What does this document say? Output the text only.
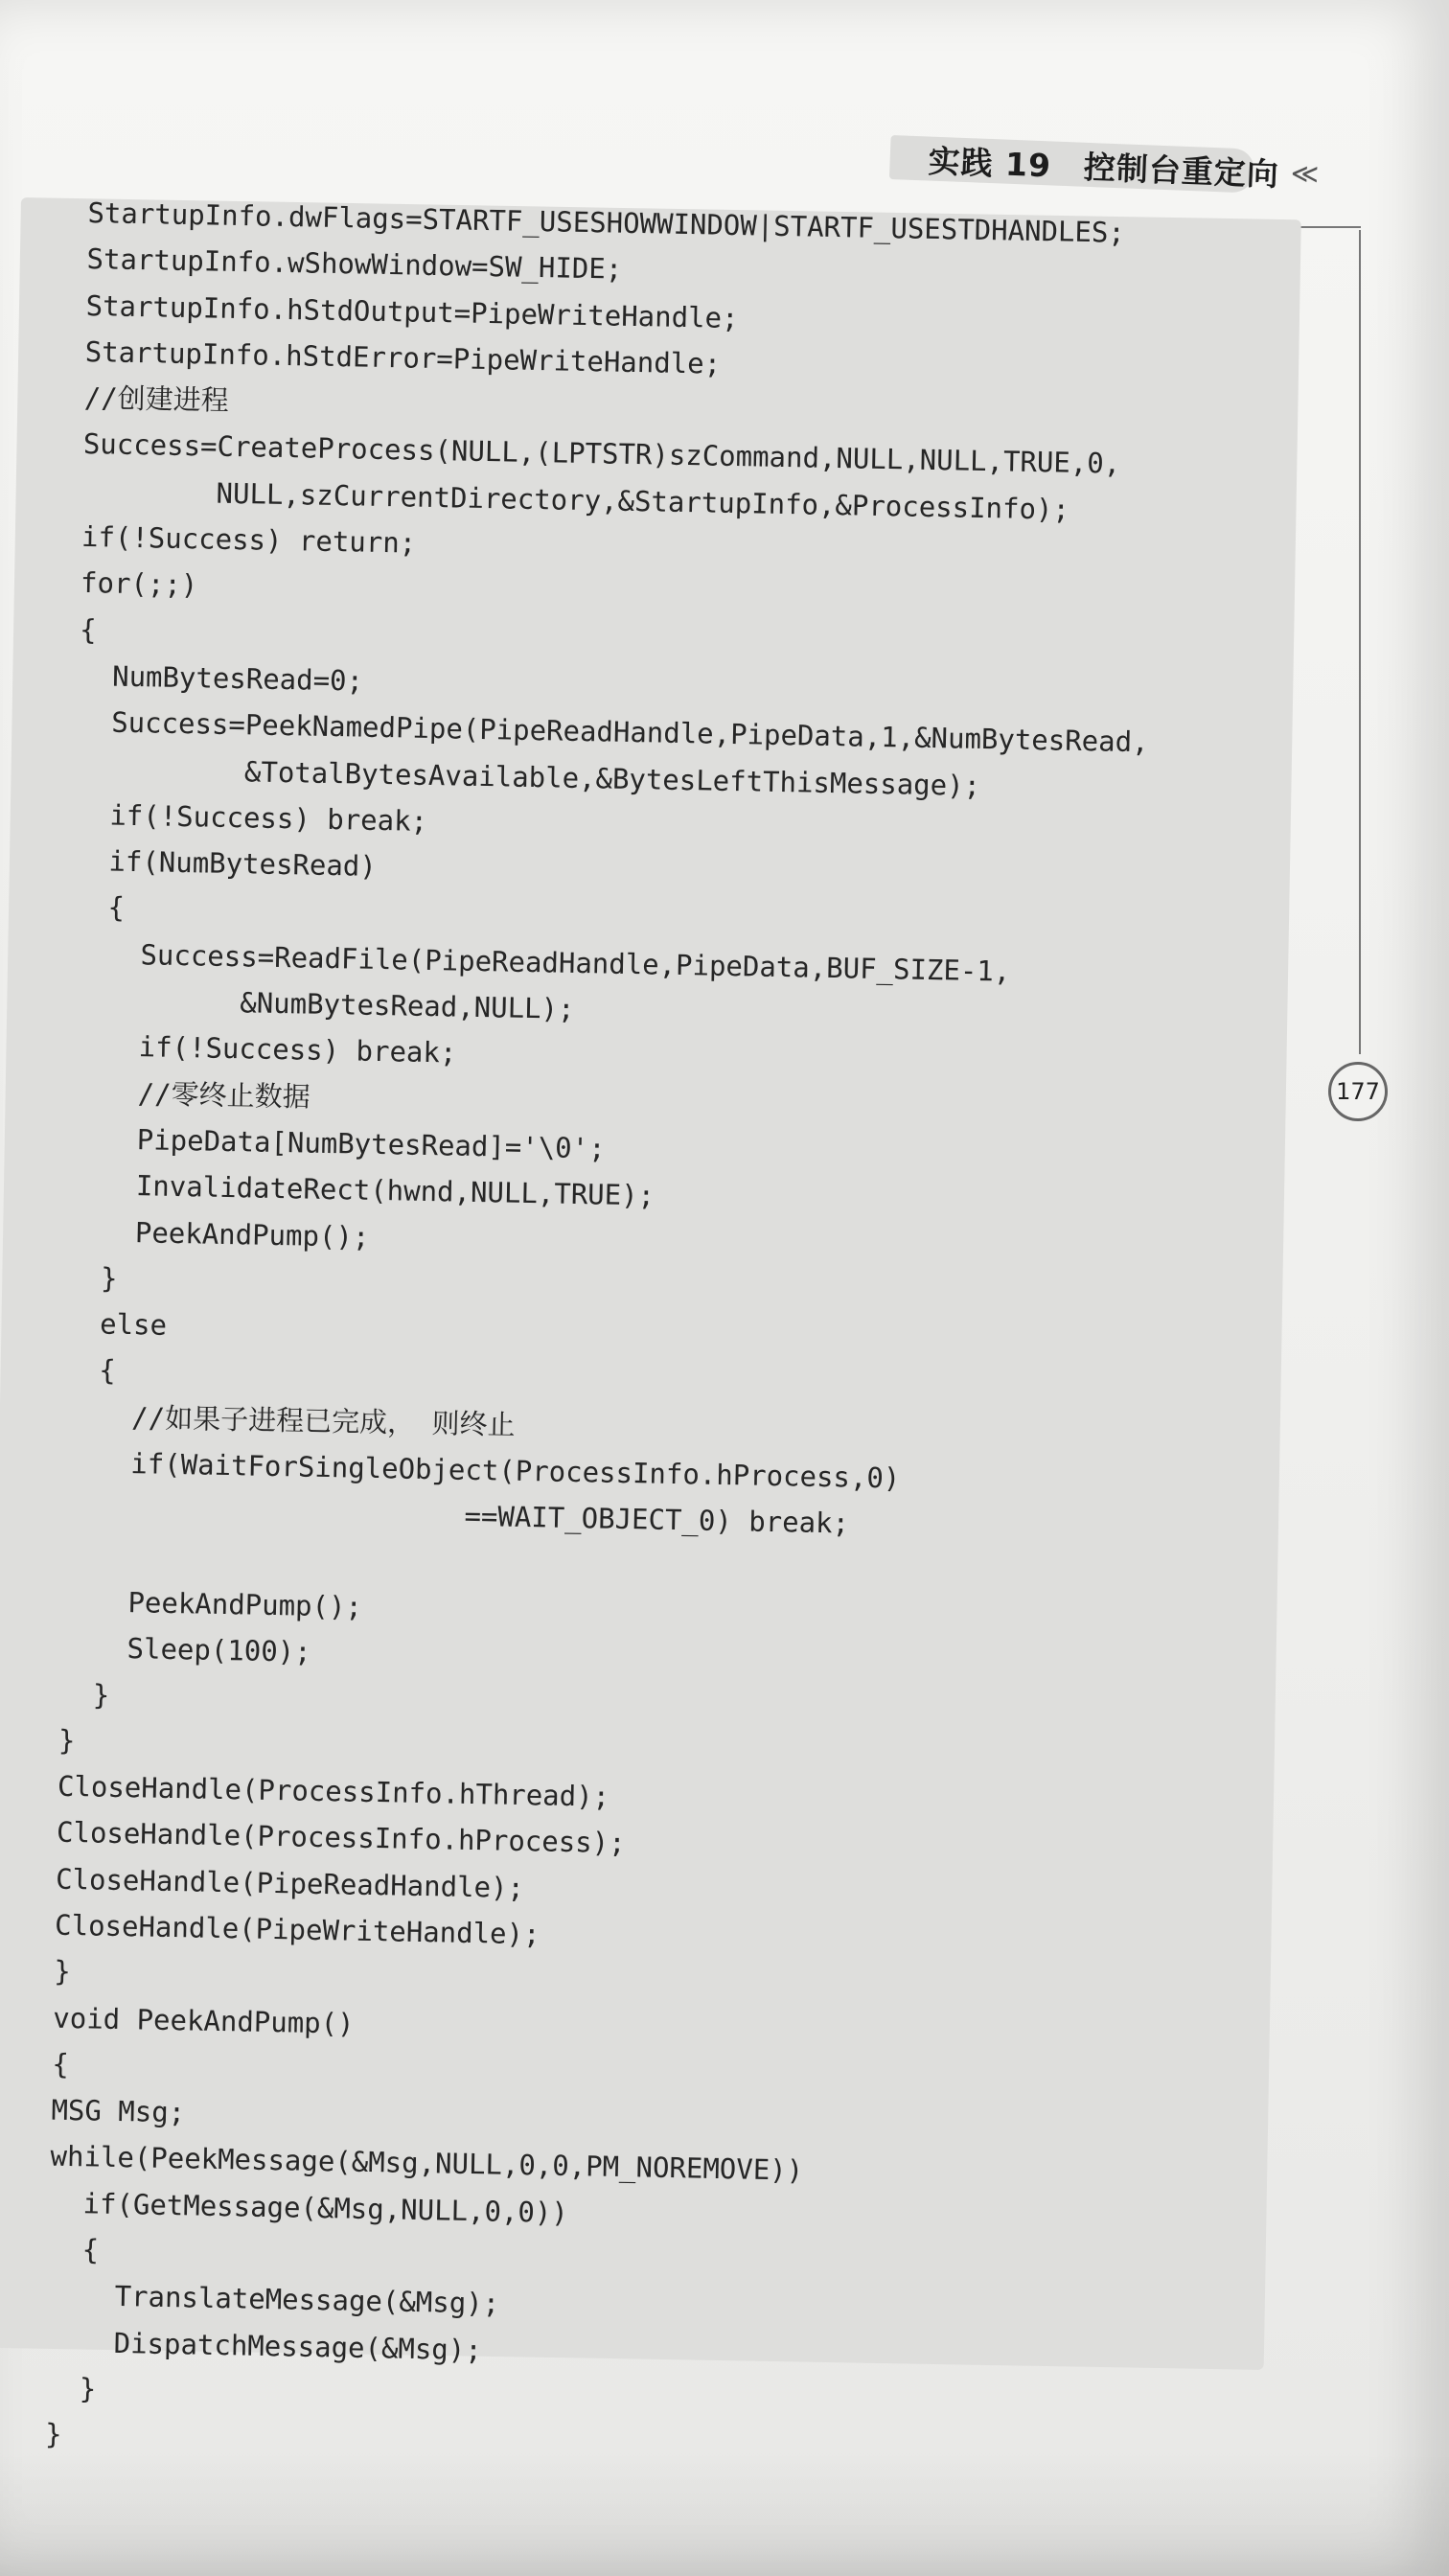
实践 19　控制台重定向 ≪
177
StartupInfo.dwFlags=STARTF_USESHOWWINDOW|STARTF_USESTDHANDLES;
StartupInfo.wShowWindow=SW_HIDE;
StartupInfo.hStdOutput=PipeWriteHandle;
StartupInfo.hStdError=PipeWriteHandle;
//创建进程
Success=CreateProcess(NULL,(LPTSTR)szCommand,NULL,NULL,TRUE,0,
NULL,szCurrentDirectory,&StartupInfo,&ProcessInfo);
if(!Success) return;
for(;;)
{
NumBytesRead=0;
Success=PeekNamedPipe(PipeReadHandle,PipeData,1,&NumBytesRead,
&TotalBytesAvailable,&BytesLeftThisMessage);
if(!Success) break;
if(NumBytesRead)
{
Success=ReadFile(PipeReadHandle,PipeData,BUF_SIZE-1,
&NumBytesRead,NULL);
if(!Success) break;
//零终止数据
PipeData[NumBytesRead]='\0';
InvalidateRect(hwnd,NULL,TRUE);
PeekAndPump();
}
else
{
//如果子进程已完成， 则终止
if(WaitForSingleObject(ProcessInfo.hProcess,0)
==WAIT_OBJECT_0) break;
PeekAndPump();
Sleep(100);
}
}
CloseHandle(ProcessInfo.hThread);
CloseHandle(ProcessInfo.hProcess);
CloseHandle(PipeReadHandle);
CloseHandle(PipeWriteHandle);
}
void PeekAndPump()
{
MSG Msg;
while(PeekMessage(&Msg,NULL,0,0,PM_NOREMOVE))
if(GetMessage(&Msg,NULL,0,0))
{
TranslateMessage(&Msg);
DispatchMessage(&Msg);
}
}
